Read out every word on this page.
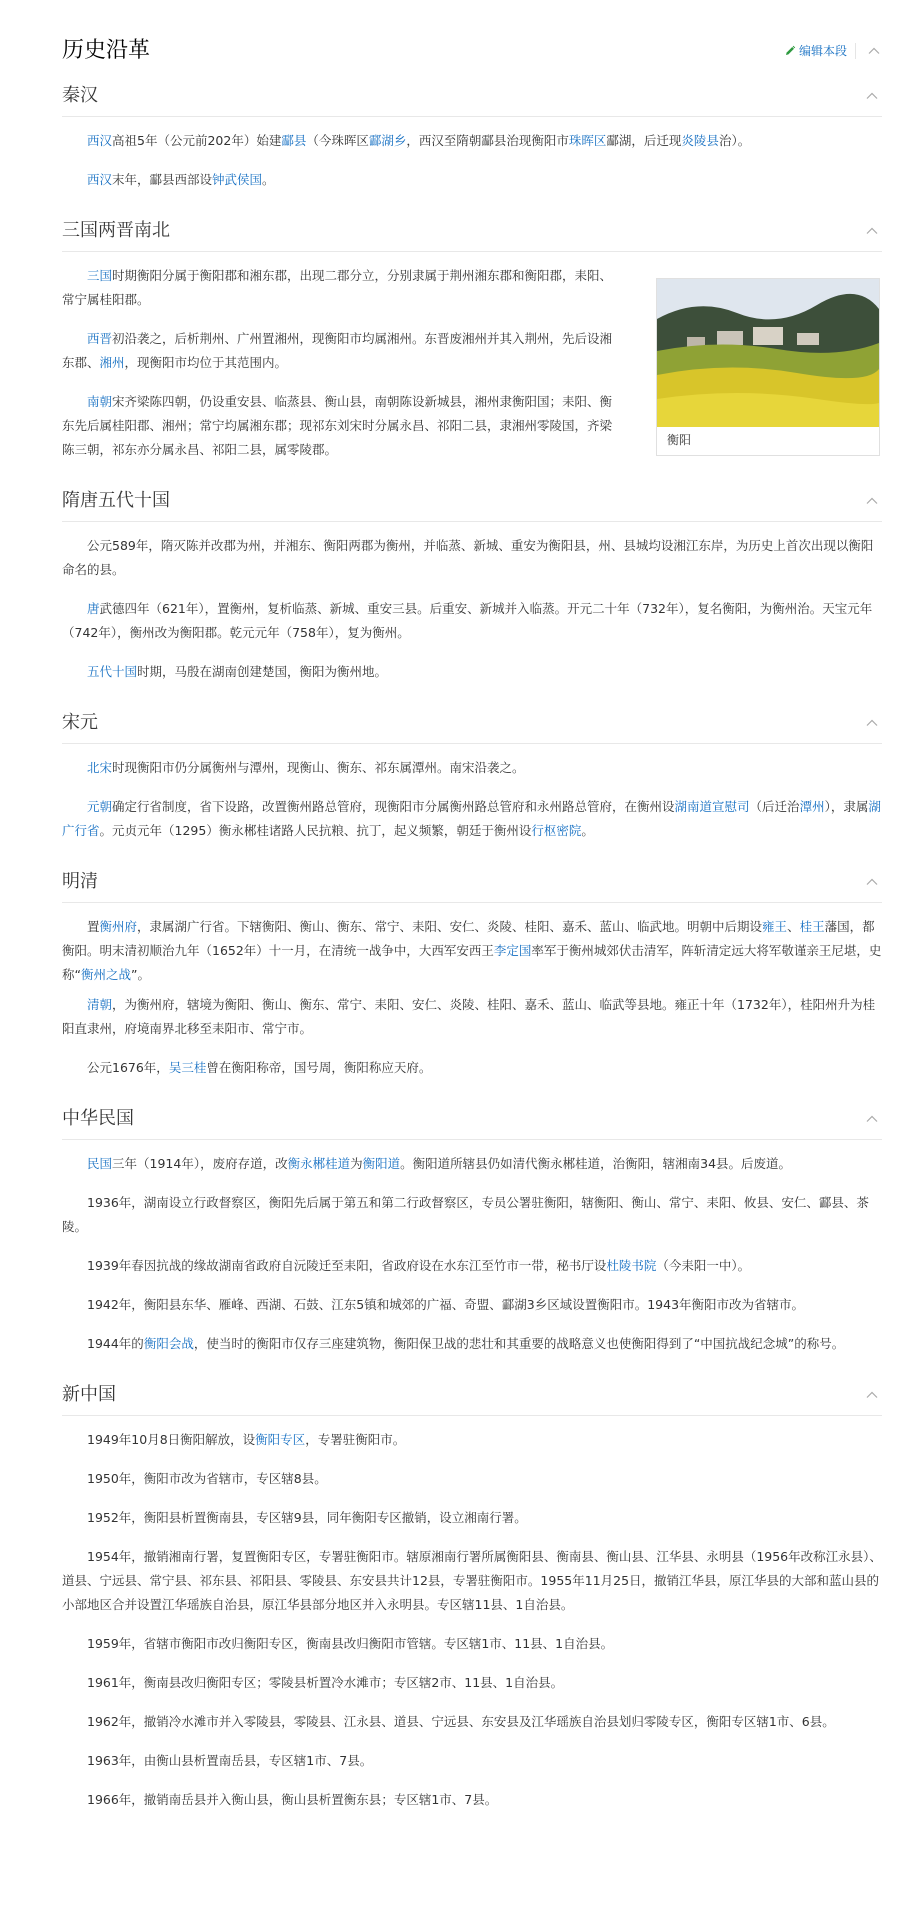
历史沿革	编辑本段
秦汉

西汉高祖5年（公元前202年）始建酃县（今珠晖区酃湖乡，西汉至隋朝酃县治现衡阳市珠晖区酃湖，后迁现炎陵县治）。

西汉末年，酃县西部设钟武侯国。

三国两晋南北

三国时期衡阳分属于衡阳郡和湘东郡，出现二郡分立，分别隶属于荆州湘东郡和衡阳郡，耒阳、常宁属桂阳郡。

西晋初沿袭之，后析荆州、广州置湘州，现衡阳市均属湘州。东晋废湘州并其入荆州，先后设湘东郡、湘州，现衡阳市均位于其范围内。

南朝宋齐梁陈四朝，仍设重安县、临蒸县、衡山县，南朝陈设新城县，湘州隶衡阳国；耒阳、衡东先后属桂阳郡、湘州；常宁均属湘东郡；现祁东刘宋时分属永昌、祁阳二县，隶湘州零陵国，齐梁陈三朝，祁东亦分属永昌、祁阳二县，属零陵郡。

衡阳
隋唐五代十国

公元589年，隋灭陈并改郡为州，并湘东、衡阳两郡为衡州，并临蒸、新城、重安为衡阳县，州、县城均设湘江东岸，为历史上首次出现以衡阳命名的县。

唐武德四年（621年），置衡州，复析临蒸、新城、重安三县。后重安、新城并入临蒸。开元二十年（732年），复名衡阳，为衡州治。天宝元年（742年），衡州改为衡阳郡。乾元元年（758年），复为衡州。

五代十国时期，马殷在湖南创建楚国，衡阳为衡州地。

宋元

北宋时现衡阳市仍分属衡州与潭州，现衡山、衡东、祁东属潭州。南宋沿袭之。

元朝确定行省制度，省下设路，改置衡州路总管府，现衡阳市分属衡州路总管府和永州路总管府，在衡州设湖南道宣慰司（后迁治潭州），隶属湖广行省。元贞元年（1295）衡永郴桂诸路人民抗粮、抗丁，起义频繁，朝廷于衡州设行枢密院。

明清

置衡州府，隶属湖广行省。下辖衡阳、衡山、衡东、常宁、耒阳、安仁、炎陵、桂阳、嘉禾、蓝山、临武地。明朝中后期设雍王、桂王藩国，都衡阳。明末清初顺治九年（1652年）十一月，在清统一战争中，大西军安西王李定国率军于衡州城郊伏击清军，阵斩清定远大将军敬谨亲王尼堪，史称“衡州之战”。

清朝，为衡州府，辖境为衡阳、衡山、衡东、常宁、耒阳、安仁、炎陵、桂阳、嘉禾、蓝山、临武等县地。雍正十年（1732年），桂阳州升为桂阳直隶州，府境南界北移至耒阳市、常宁市。

公元1676年，吴三桂曾在衡阳称帝，国号周，衡阳称应天府。

中华民国

民国三年（1914年），废府存道，改衡永郴桂道为衡阳道。衡阳道所辖县仍如清代衡永郴桂道，治衡阳，辖湘南34县。后废道。

1936年，湖南设立行政督察区，衡阳先后属于第五和第二行政督察区，专员公署驻衡阳，辖衡阳、衡山、常宁、耒阳、攸县、安仁、酃县、茶陵。

1939年春因抗战的缘故湖南省政府自沅陵迁至耒阳，省政府设在水东江至竹市一带，秘书厅设杜陵书院（今耒阳一中）。

1942年，衡阳县东华、雁峰、西湖、石鼓、江东5镇和城郊的广福、奇盟、酃湖3乡区域设置衡阳市。1943年衡阳市改为省辖市。

1944年的衡阳会战，使当时的衡阳市仅存三座建筑物，衡阳保卫战的悲壮和其重要的战略意义也使衡阳得到了“中国抗战纪念城”的称号。

新中国

1949年10月8日衡阳解放，设衡阳专区，专署驻衡阳市。

1950年，衡阳市改为省辖市，专区辖8县。

1952年，衡阳县析置衡南县，专区辖9县，同年衡阳专区撤销，设立湘南行署。

1954年，撤销湘南行署，复置衡阳专区，专署驻衡阳市。辖原湘南行署所属衡阳县、衡南县、衡山县、江华县、永明县（1956年改称江永县）、道县、宁远县、常宁县、祁东县、祁阳县、零陵县、东安县共计12县，专署驻衡阳市。1955年11月25日，撤销江华县，原江华县的大部和蓝山县的小部地区合并设置江华瑶族自治县，原江华县部分地区并入永明县。专区辖11县、1自治县。

1959年，省辖市衡阳市改归衡阳专区，衡南县改归衡阳市管辖。专区辖1市、11县、1自治县。

1961年，衡南县改归衡阳专区；零陵县析置冷水滩市；专区辖2市、11县、1自治县。

1962年，撤销冷水滩市并入零陵县，零陵县、江永县、道县、宁远县、东安县及江华瑶族自治县划归零陵专区，衡阳专区辖1市、6县。

1963年，由衡山县析置南岳县，专区辖1市、7县。

1966年，撤销南岳县并入衡山县，衡山县析置衡东县；专区辖1市、7县。
